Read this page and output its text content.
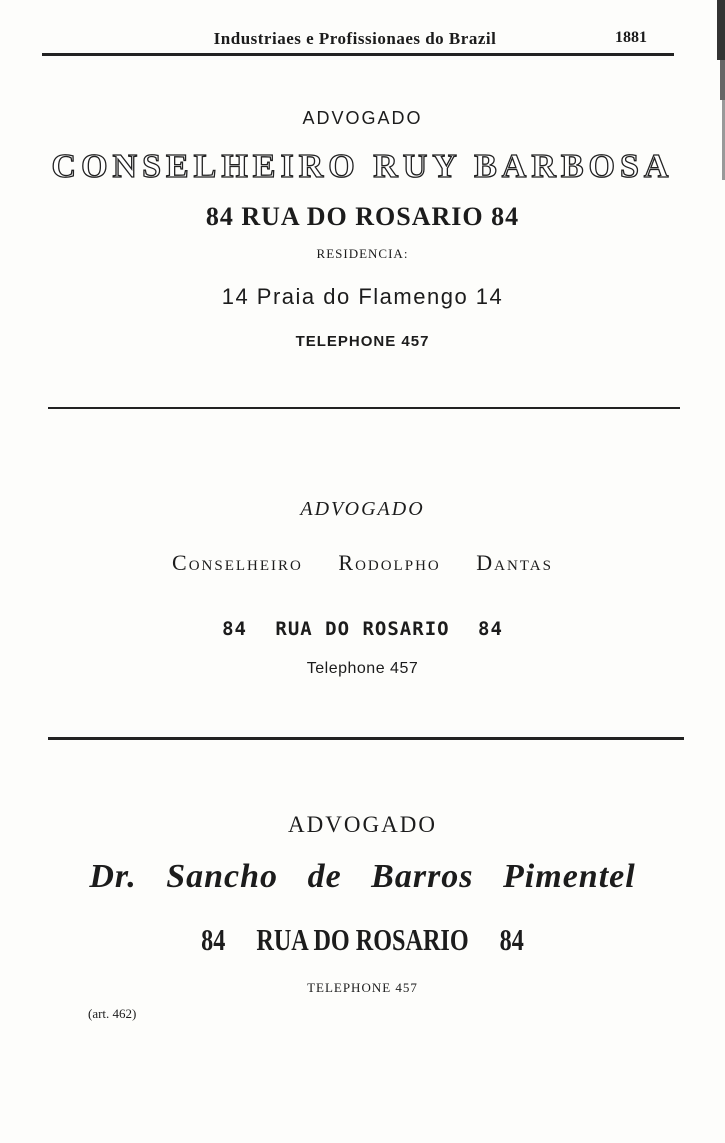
Industriaes e Profissionaes do Brazil	1881
ADVOGADO
CONSELHEIRO RUY BARBOSA
84 RUA DO ROSARIO 84
RESIDENCIA:
14 Praia do Flamengo 14
TELEPHONE 457
ADVOGADO
Conselheiro Rodolpho Dantas
84 RUA DO ROSARIO 84
Telephone 457
ADVOGADO
Dr. Sancho de Barros Pimentel
84 RUA DO ROSARIO 84
TELEPHONE 457
(art. 462)
